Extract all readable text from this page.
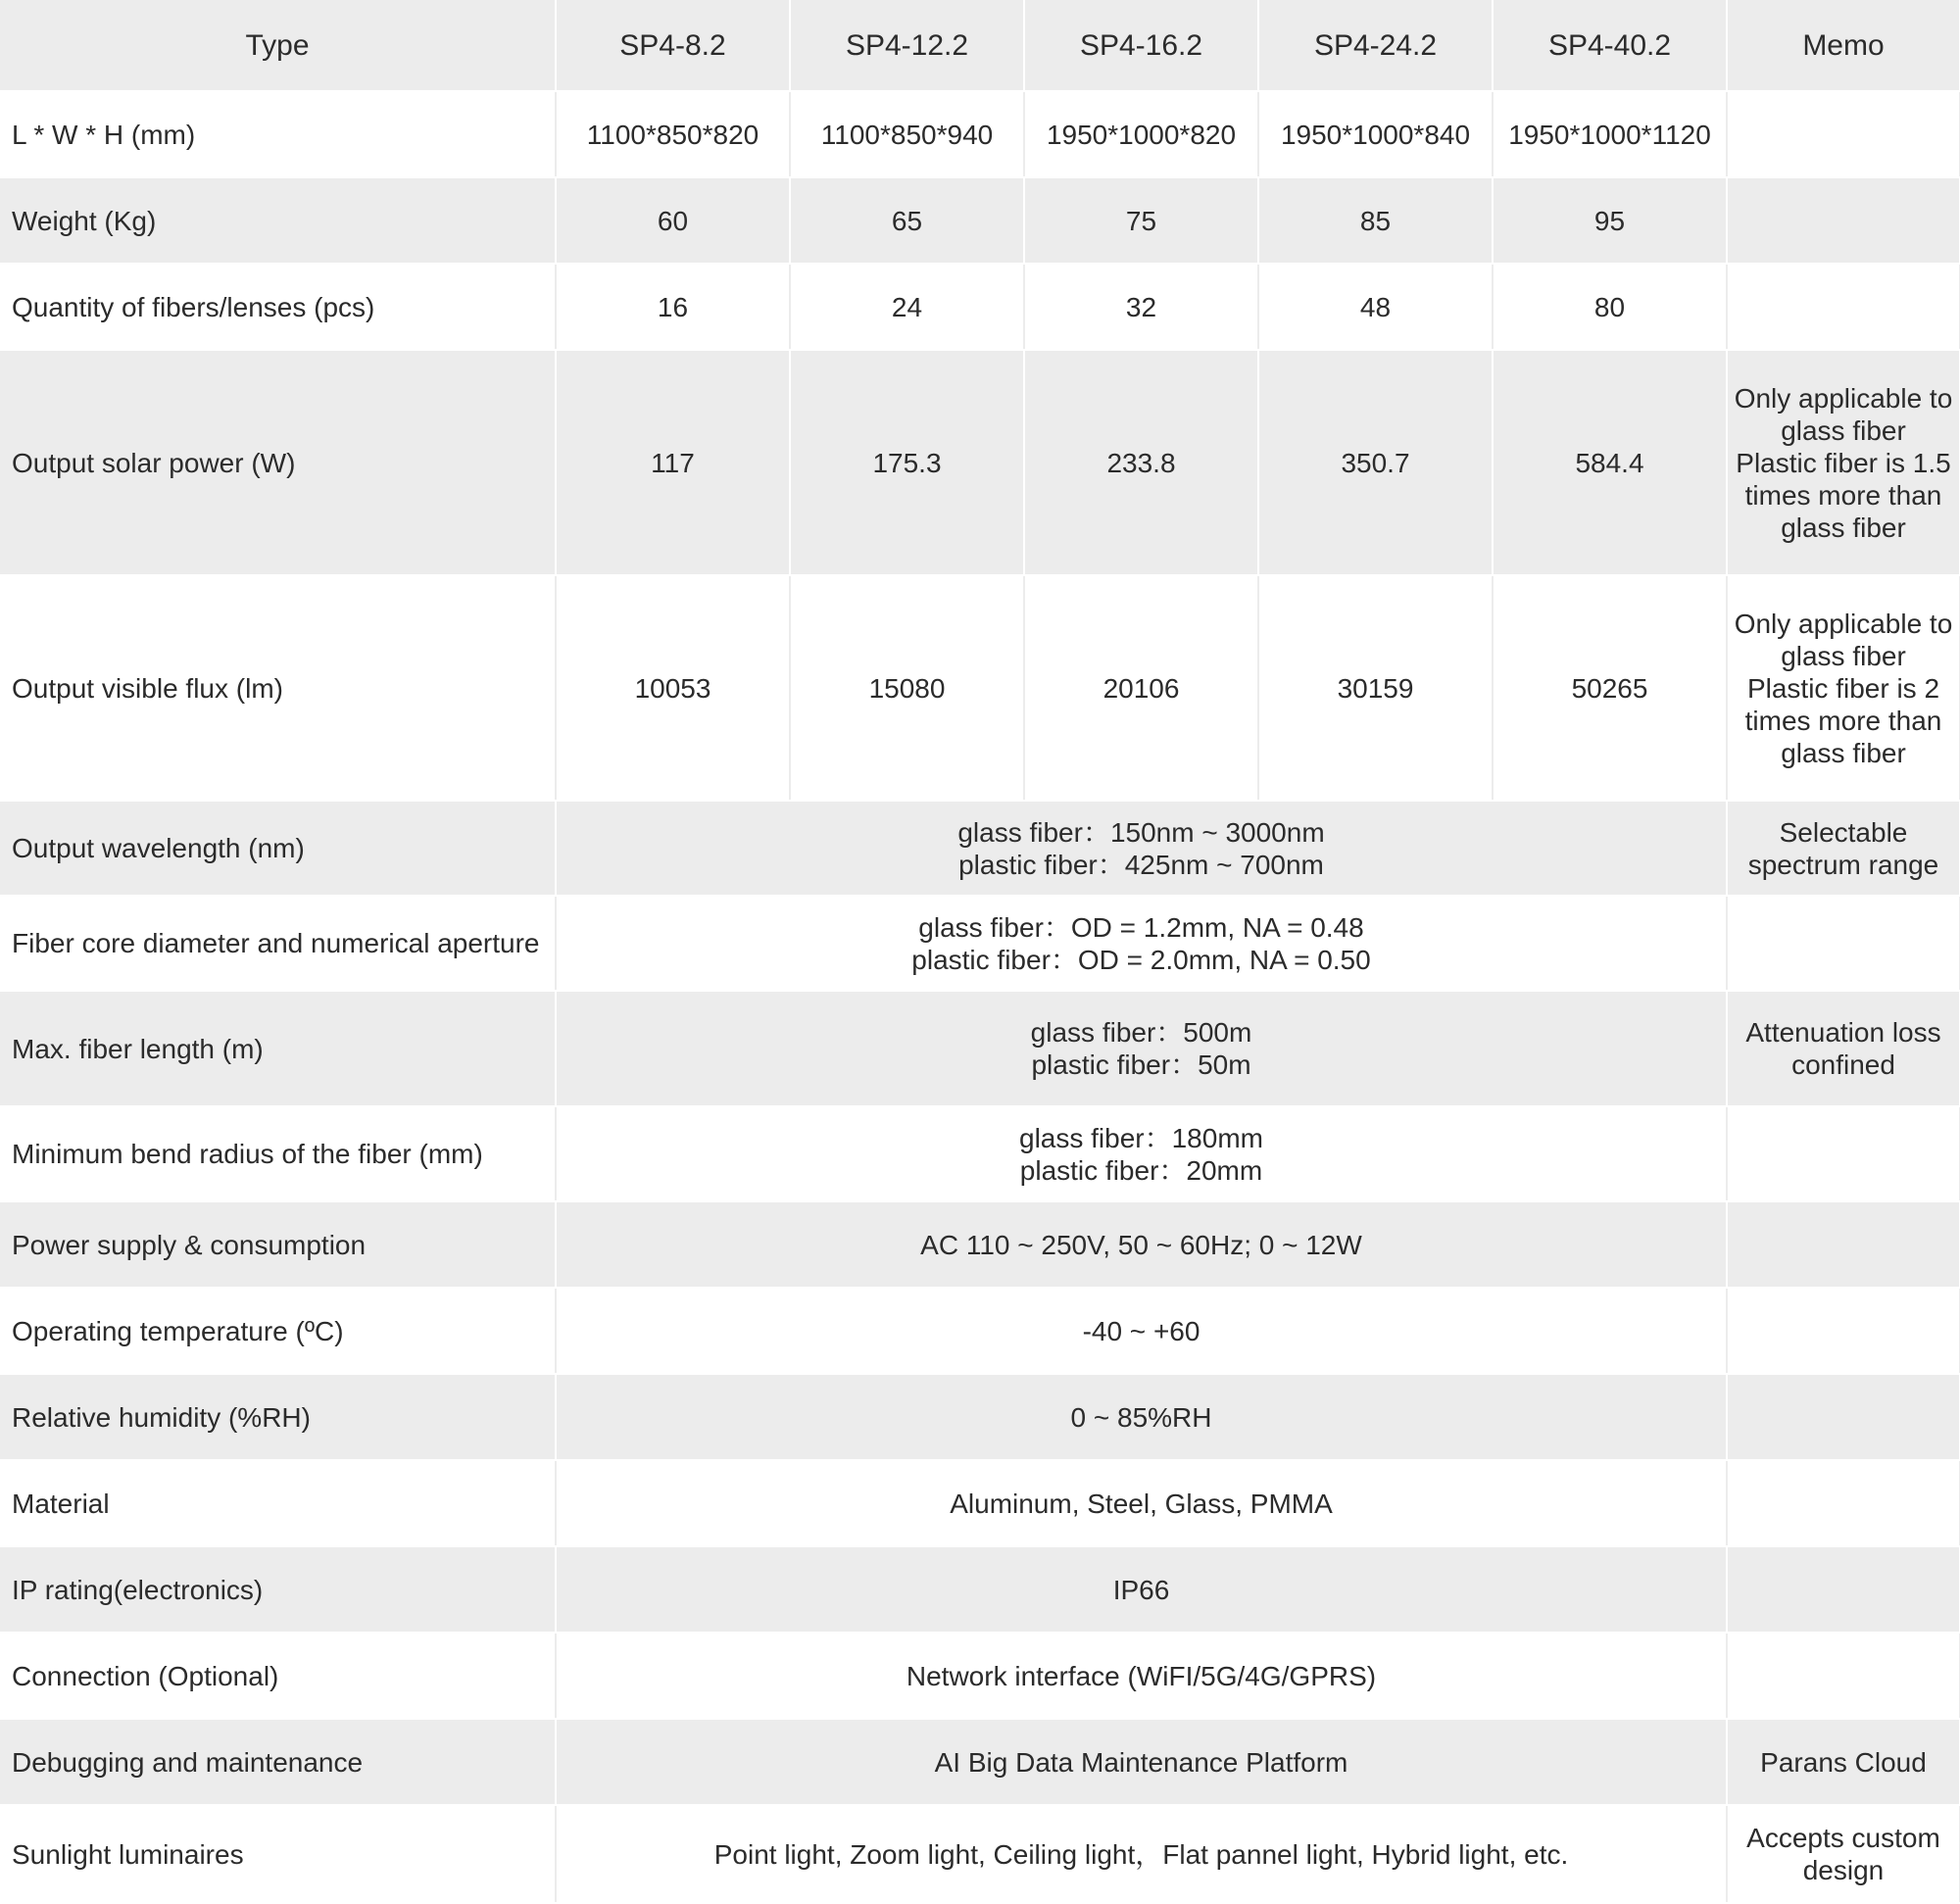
Type	SP4-8.2	SP4-12.2	SP4-16.2	SP4-24.2	SP4-40.2	Memo
L * W * H (mm)	1100*850*820	1100*850*940	1950*1000*820	1950*1000*840	1950*1000*1120	
Weight (Kg)	60	65	75	85	95	
Quantity of fibers/lenses (pcs)	16	24	32	48	80	
Output solar power (W)	117	175.3	233.8	350.7	584.4	Only applicable to
glass fiber
Plastic fiber is 1.5
times more than
glass fiber

Output visible flux (lm)	10053	15080	20106	30159	50265	Only applicable to
glass fiber
Plastic fiber is 2
times more than
glass fiber

Output wavelength (nm)	glass fiber：150nm ~ 3000nm
plastic fiber：425nm ~ 700nm					Selectable
spectrum range

Fiber core diameter and numerical aperture	glass fiber：OD = 1.2mm, NA = 0.48
plastic fiber：OD = 2.0mm, NA = 0.50					

Max. fiber length (m)	glass fiber：500m
plastic fiber：50m					Attenuation loss
confined

Minimum bend radius of the fiber (mm)	glass fiber：180mm
plastic fiber：20mm					

Power supply & consumption	AC 110 ~ 250V, 50 ~ 60Hz; 0 ~ 12W					
Operating temperature (ºC)	-40 ~ +60					
Relative humidity (%RH)	0 ~ 85%RH					
Material	Aluminum, Steel, Glass, PMMA					
IP rating(electronics)	IP66					
Connection (Optional)	Network interface (WiFI/5G/4G/GPRS)					
Debugging and maintenance	AI Big Data Maintenance Platform					Parans Cloud
Sunlight luminaires	Point light, Zoom light, Ceiling light，Flat pannel light, Hybrid light, etc.					Accepts custom
design
